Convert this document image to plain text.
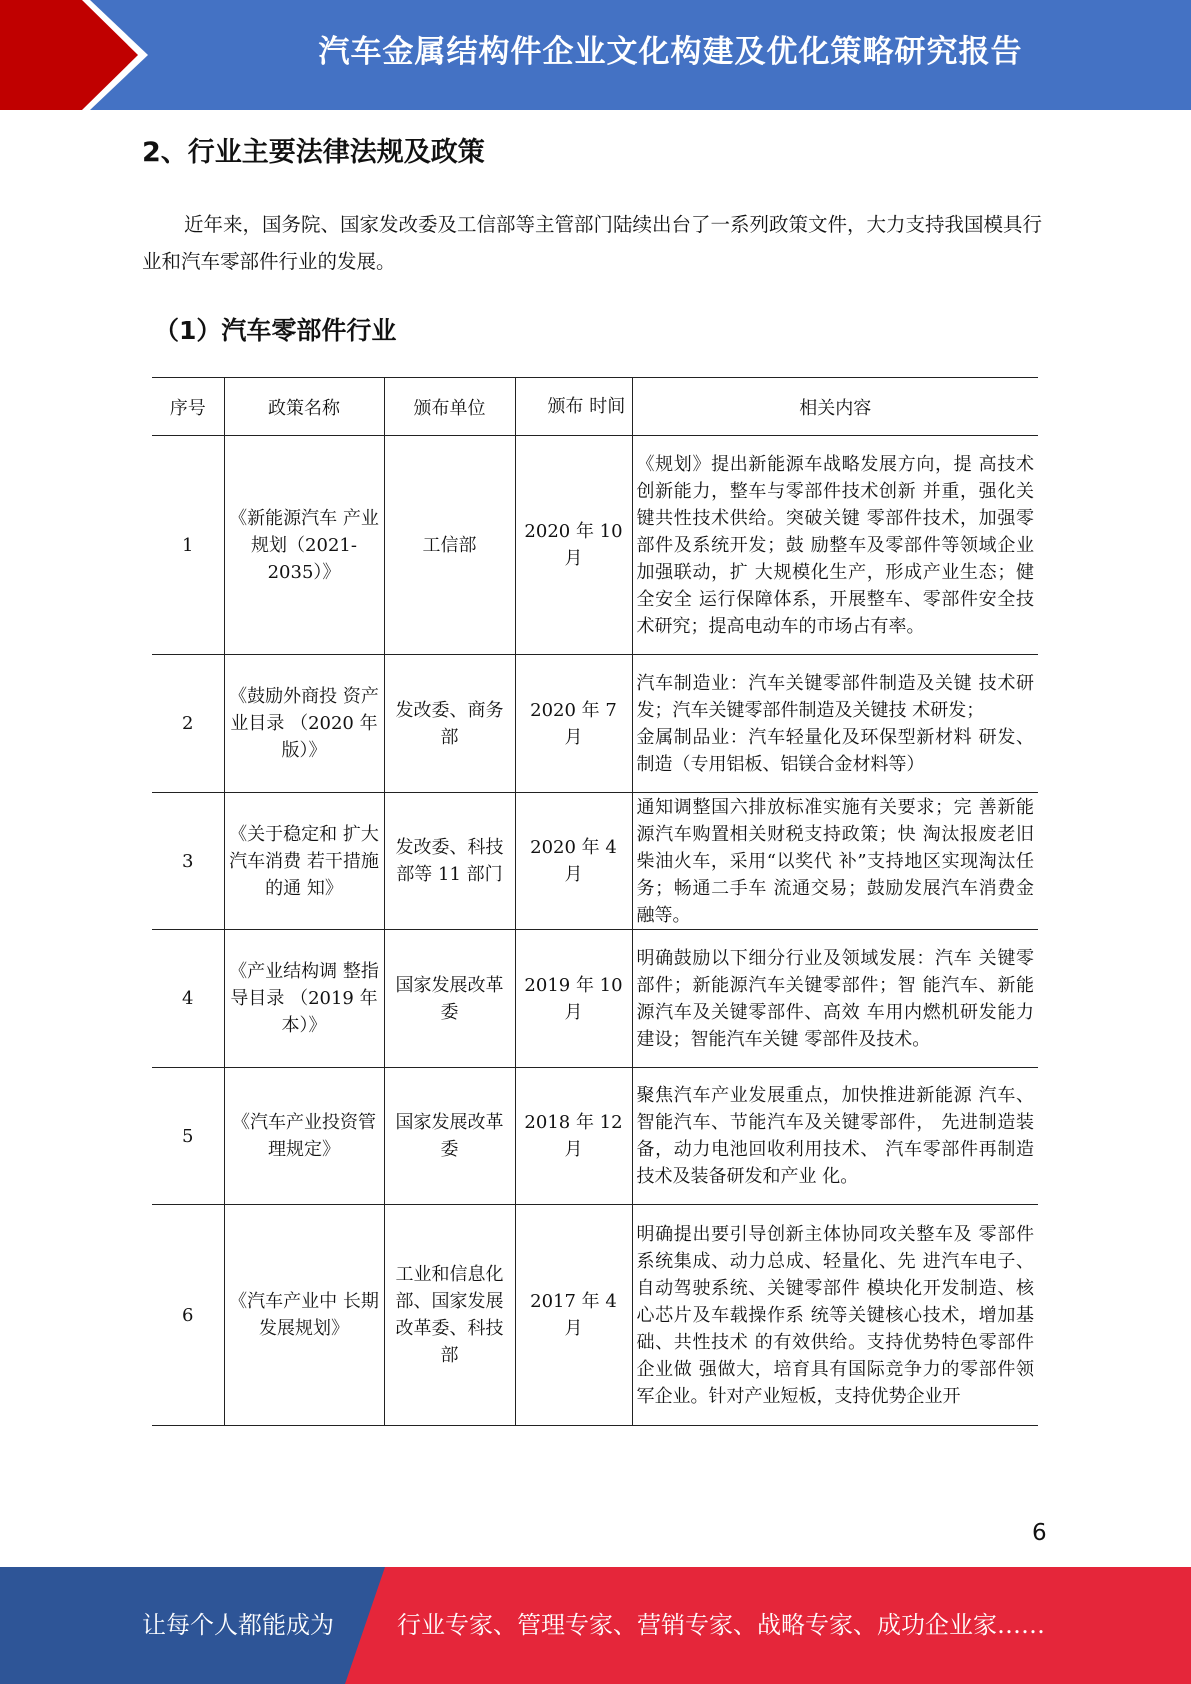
汽车金属结构件企业文化构建及优化策略研究报告
2、行业主要法律法规及政策

近年来，国务院、国家发改委及工信部等主管部门陆续出台了一系列政策文件，大力支持我国模具行业和汽车零部件行业的发展。

（1）汽车零部件行业
序号	政策名称	颁布单位	颁布 时间	相关内容
1	《新能源汽车 产业规划（2021-2035）》	工信部	2020 年 10 月	《规划》提出新能源车战略发展方向，提 高技术创新能力，整车与零部件技术创新 并重，强化关键共性技术供给。突破关键 零部件技术，加强零部件及系统开发；鼓 励整车及零部件等领域企业加强联动，扩 大规模化生产，形成产业生态；健全安全 运行保障体系，开展整车、零部件安全技 术研究；提高电动车的市场占有率。
2	《鼓励外商投 资产业目录 （2020 年版）》	发改委、商务部	2020 年 7 月	汽车制造业：汽车关键零部件制造及关键 技术研发；汽车关键零部件制造及关键技 术研发；
金属制品业：汽车轻量化及环保型新材料 研发、制造（专用铝板、铝镁合金材料等）
3	《关于稳定和 扩大汽车消费 若干措施的通 知》	发改委、科技部等 11 部门	2020 年 4 月	通知调整国六排放标准实施有关要求；完 善新能源汽车购置相关财税支持政策；快 淘汰报废老旧柴油火车，采用“以奖代 补”支持地区实现淘汰任务；畅通二手车 流通交易；鼓励发展汽车消费金融等。
4	《产业结构调 整指导目录 （2019 年本）》	国家发展改革委	2019 年 10 月	明确鼓励以下细分行业及领域发展：汽车 关键零部件；新能源汽车关键零部件；智 能汽车、新能源汽车及关键零部件、高效 车用内燃机研发能力建设；智能汽车关键 零部件及技术。
5	《汽车产业投资管理规定》	国家发展改革委	2018 年 12 月	聚焦汽车产业发展重点，加快推进新能源 汽车、智能汽车、节能汽车及关键零部件， 先进制造装备，动力电池回收利用技术、 汽车零部件再制造技术及装备研发和产业 化。
6	《汽车产业中 长期发展规划》	工业和信息化部、国家发展改革委、科技部	2017 年 4 月	明确提出要引导创新主体协同攻关整车及 零部件系统集成、动力总成、轻量化、先 进汽车电子、自动驾驶系统、关键零部件 模块化开发制造、核心芯片及车载操作系 统等关键核心技术，增加基础、共性技术 的有效供给。支持优势特色零部件企业做 强做大，培育具有国际竞争力的零部件领 军企业。针对产业短板，支持优势企业开
6
让每个人都能成为	行业专家、管理专家、营销专家、战略专家、成功企业家……
